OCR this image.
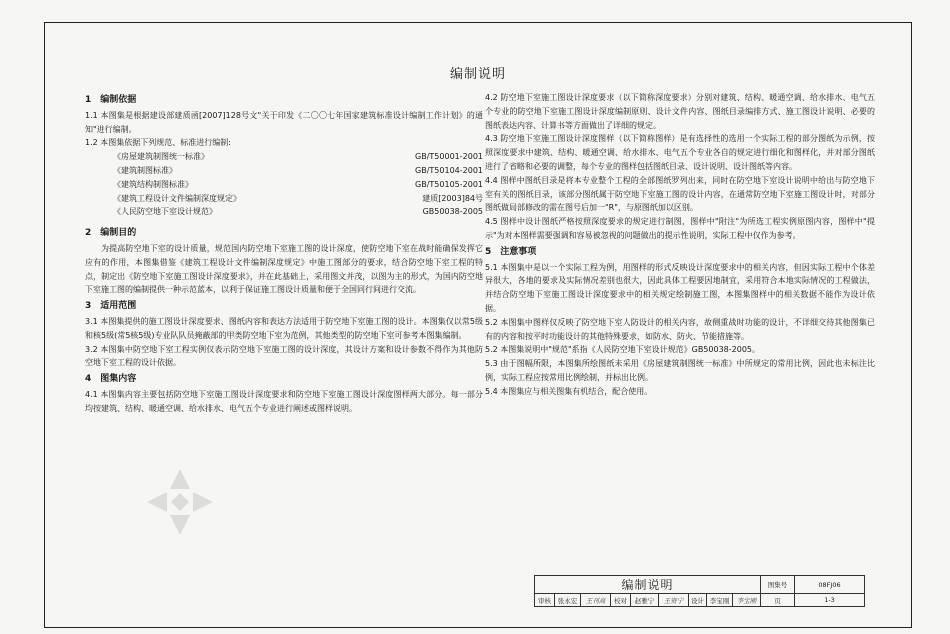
编制说明
1　编制依据

1.1 本图集是根据建设部建质函[2007]128号文"关于印发《二〇〇七年国家建筑标准设计编制工作计划》的通知"进行编制。

1.2 本图集依据下列规范、标准进行编制:

《房屋建筑制图统一标准》	GB/T50001-2001
《建筑制图标准》	GB/T50104-2001
《建筑结构制图标准》	GB/T50105-2001
《建筑工程设计文件编制深度规定》	建质[2003]84号
《人民防空地下室设计规范》	GB50038-2005
2　编制目的

为提高防空地下室的设计质量，规范国内防空地下室施工图的设计深度，使防空地下室在战时能确保发挥它应有的作用，本图集借鉴《建筑工程设计文件编制深度规定》中施工图部分的要求，结合防空地下室工程的特点，制定出《防空地下室施工图设计深度要求》，并在此基础上，采用图文并茂，以图为主的形式，为国内防空地下室施工图的编制提供一种示范蓝本，以利于保证施工图设计质量和便于全国同行间进行交流。

3　适用范围

3.1 本图集提供的施工图设计深度要求、图纸内容和表达方法适用于防空地下室施工图的设计。本图集仅以常5级和核5级(常5核5级)专业队队员掩蔽部的甲类防空地下室为范例，其他类型的防空地下室可参考本图集编制。

3.2 本图集中防空地下室工程实例仅表示防空地下室施工图的设计深度，其设计方案和设计参数不得作为其他防空地下室工程的设计依据。

4　图集内容

4.1 本图集内容主要包括防空地下室施工图设计深度要求和防空地下室施工图设计深度图样两大部分。每一部分均按建筑、结构、暖通空调、给水排水、电气五个专业进行阐述或图样说明。

4.2 防空地下室施工图设计深度要求（以下简称深度要求）分别对建筑、结构、暖通空调、给水排水、电气五个专业的防空地下室施工图设计深度编制原则、设计文件内容、图纸目录编排方式、施工图设计说明、必要的图纸表达内容、计算书等方面做出了详细的规定。

4.3 防空地下室施工图设计深度图样（以下简称图样）是有选择性的选用一个实际工程的部分图纸为示例，按照深度要求中建筑、结构、暖通空调、给水排水、电气五个专业各自的规定进行细化和图样化，并对部分图纸进行了省略和必要的调整，每个专业的图样包括图纸目录、设计说明、设计图纸等内容。

4.4 图样中图纸目录是将本专业整个工程的全部图纸罗列出来，同时在防空地下室设计说明中给出与防空地下室有关的图纸目录，该部分图纸属于防空地下室施工图的设计内容，在通常防空地下室施工图设计时，对部分图纸做局部修改的需在图号后加一"R"，与原图纸加以区别。

4.5 图样中设计图纸严格按照深度要求的规定进行制图，图样中"附注"为所选工程实例原图内容，图样中"提示"为对本图样需要强调和容易被忽视的问题做出的提示性说明，实际工程中仅作为参考。

5　注意事项

5.1 本图集中是以一个实际工程为例，用图样的形式反映设计深度要求中的相关内容，但因实际工程中个体差异很大，各地的要求及实际情况差别也很大，因此具体工程要因地制宜，采用符合本地实际情况的工程做法，并结合防空地下室施工图设计深度要求中的相关规定绘制施工图，本图集图样中的相关数据不能作为设计依据。

5.2 本图集中图样仅反映了防空地下室人防设计的相关内容，故侧重战时功能的设计，不详细交待其他图集已有的内容和按平时功能设计的其他特殊要求，如防水、防火、节能措施等。

5.2 本图集说明中"规范"系指《人民防空地下室设计规范》GB50038-2005。

5.3 由于图幅所限，本图集所绘图纸未采用《房屋建筑制图统一标准》中所规定的常用比例，因此也未标注比例，实际工程应按常用比例绘制，并标出比例。

5.4 本图集应与相关图集有机结合，配合使用。

编制说明	图集号	08FJ06
审核	张永宏	王刊高	校对	赵雅宁	王资宁	设计 李宝刚	李宝刚	页	1-3
